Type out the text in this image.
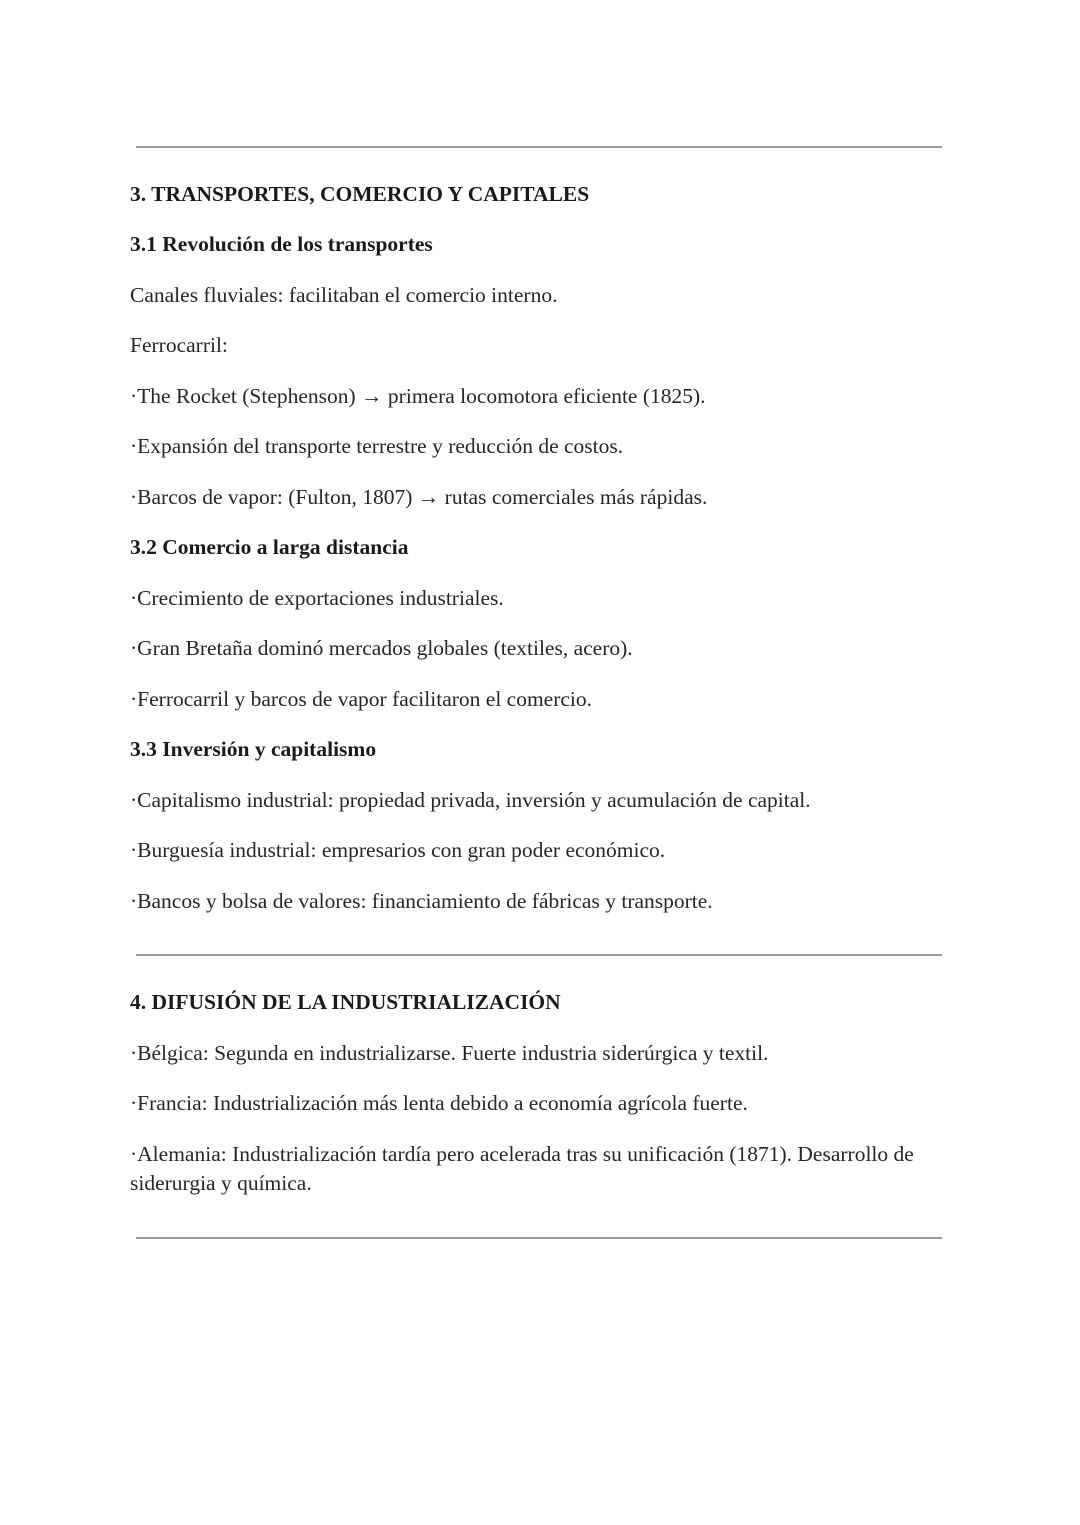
3. TRANSPORTES, COMERCIO Y CAPITALES
3.1 Revolución de los transportes
Canales fluviales: facilitaban el comercio interno.
Ferrocarril:
·The Rocket (Stephenson) → primera locomotora eficiente (1825).
·Expansión del transporte terrestre y reducción de costos.
·Barcos de vapor: (Fulton, 1807) → rutas comerciales más rápidas.
3.2 Comercio a larga distancia
·Crecimiento de exportaciones industriales.
·Gran Bretaña dominó mercados globales (textiles, acero).
·Ferrocarril y barcos de vapor facilitaron el comercio.
3.3 Inversión y capitalismo
·Capitalismo industrial: propiedad privada, inversión y acumulación de capital.
·Burguesía industrial: empresarios con gran poder económico.
·Bancos y bolsa de valores: financiamiento de fábricas y transporte.
4. DIFUSIÓN DE LA INDUSTRIALIZACIÓN
·Bélgica: Segunda en industrializarse. Fuerte industria siderúrgica y textil.
·Francia: Industrialización más lenta debido a economía agrícola fuerte.
·Alemania: Industrialización tardía pero acelerada tras su unificación (1871). Desarrollo de siderurgia y química.
